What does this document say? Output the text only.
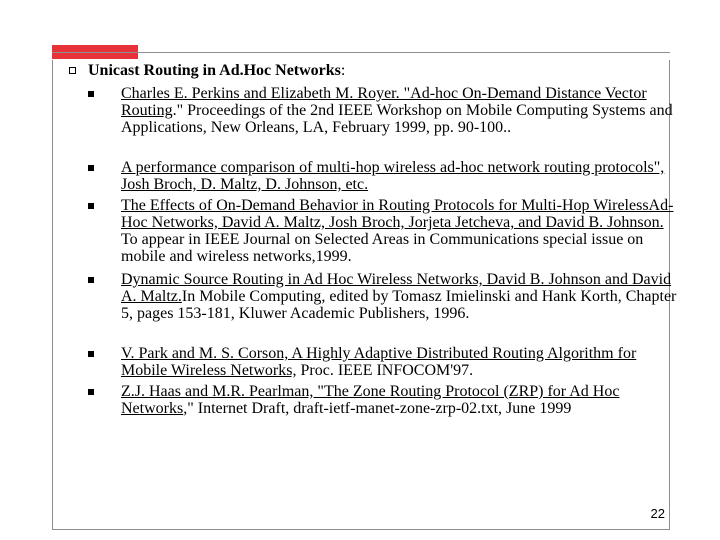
Unicast Routing in Ad.Hoc Networks:
Charles E. Perkins and Elizabeth M. Royer. "Ad-hoc On-Demand Distance Vector Routing." Proceedings of the 2nd IEEE Workshop on Mobile Computing Systems and Applications, New Orleans, LA, February 1999, pp. 90-100..
A performance comparison of multi-hop wireless ad-hoc network routing protocols", Josh Broch, D. Maltz, D. Johnson, etc.
The Effects of On-Demand Behavior in Routing Protocols for Multi-Hop WirelessAd-Hoc Networks, David A. Maltz, Josh Broch, Jorjeta Jetcheva, and David B. Johnson. To appear in IEEE Journal on Selected Areas in Communications special issue on mobile and wireless networks,1999.
Dynamic Source Routing in Ad Hoc Wireless Networks, David B. Johnson and David A. Maltz.In Mobile Computing, edited by Tomasz Imielinski and Hank Korth, Chapter 5, pages 153-181, Kluwer Academic Publishers, 1996.
V. Park and M. S. Corson, A Highly Adaptive Distributed Routing Algorithm for Mobile Wireless Networks, Proc. IEEE INFOCOM'97.
Z.J. Haas and M.R. Pearlman, "The Zone Routing Protocol (ZRP) for Ad Hoc Networks," Internet Draft, draft-ietf-manet-zone-zrp-02.txt, June 1999
22
